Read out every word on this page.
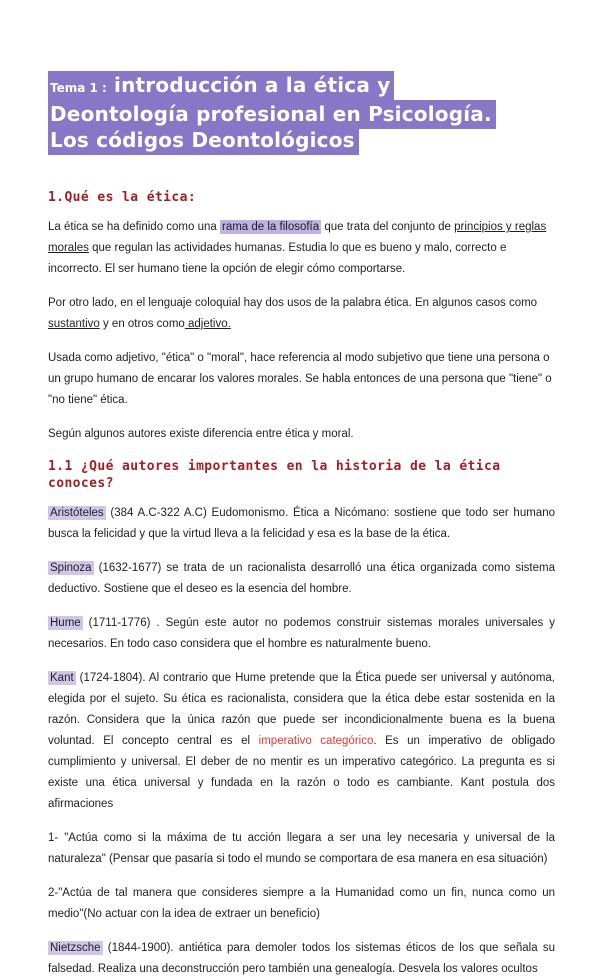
Tema 1 : introducción a la ética y Deontología profesional en Psicología. Los códigos Deontológicos
1.Qué es la ética:

La ética se ha definido como una rama de la filosofía que trata del conjunto de principios y reglas morales que regulan las actividades humanas. Estudia lo que es bueno y malo, correcto e incorrecto. El ser humano tiene la opción de elegir cómo comportarse.

Por otro lado, en el lenguaje coloquial hay dos usos de la palabra ética. En algunos casos como sustantivo y en otros como adjetivo.

Usada como adjetivo, "ética" o "moral", hace referencia al modo subjetivo que tiene una persona o un grupo humano de encarar los valores morales. Se habla entonces de una persona que "tiene" o "no tiene" ética.

Según algunos autores existe diferencia entre ética y moral.

1.1 ¿Qué autores importantes en la historia de la ética conoces?

Aristóteles (384 A.C-322 A.C) Eudomonismo. Ética a Nicómano: sostiene que todo ser humano busca la felicidad y que la virtud lleva a la felicidad y esa es la base de la ética.

Spinoza (1632-1677) se trata de un racionalista desarrolló una ética organizada como sistema deductivo. Sostiene que el deseo es la esencia del hombre.

Hume (1711-1776) . Según este autor no podemos construir sistemas morales universales y necesarios. En todo caso considera que el hombre es naturalmente bueno.

Kant (1724-1804). Al contrario que Hume pretende que la Ética puede ser universal y autónoma, elegida por el sujeto. Su ética es racionalista, considera que la ética debe estar sostenida en la razón. Considera que la única razón que puede ser incondicionalmente buena es la buena voluntad. El concepto central es el imperativo categórico. Es un imperativo de obligado cumplimiento y universal. El deber de no mentir es un imperativo categórico. La pregunta es si existe una ética universal y fundada en la razón o todo es cambiante. Kant postula dos afirmaciones

1- "Actúa como si la máxima de tu acción llegara a ser una ley necesaria y universal de la naturaleza" (Pensar que pasaría si todo el mundo se comportara de esa manera en esa situación)

2-"Actúa de tal manera que consideres siempre a la Humanidad como un fin, nunca como un medio"(No actuar con la idea de extraer un beneficio)

Nietzsche (1844-1900). antiética para demoler todos los sistemas éticos de los que señala su falsedad. Realiza una deconstrucción pero también una genealogía. Desvela los valores ocultos
